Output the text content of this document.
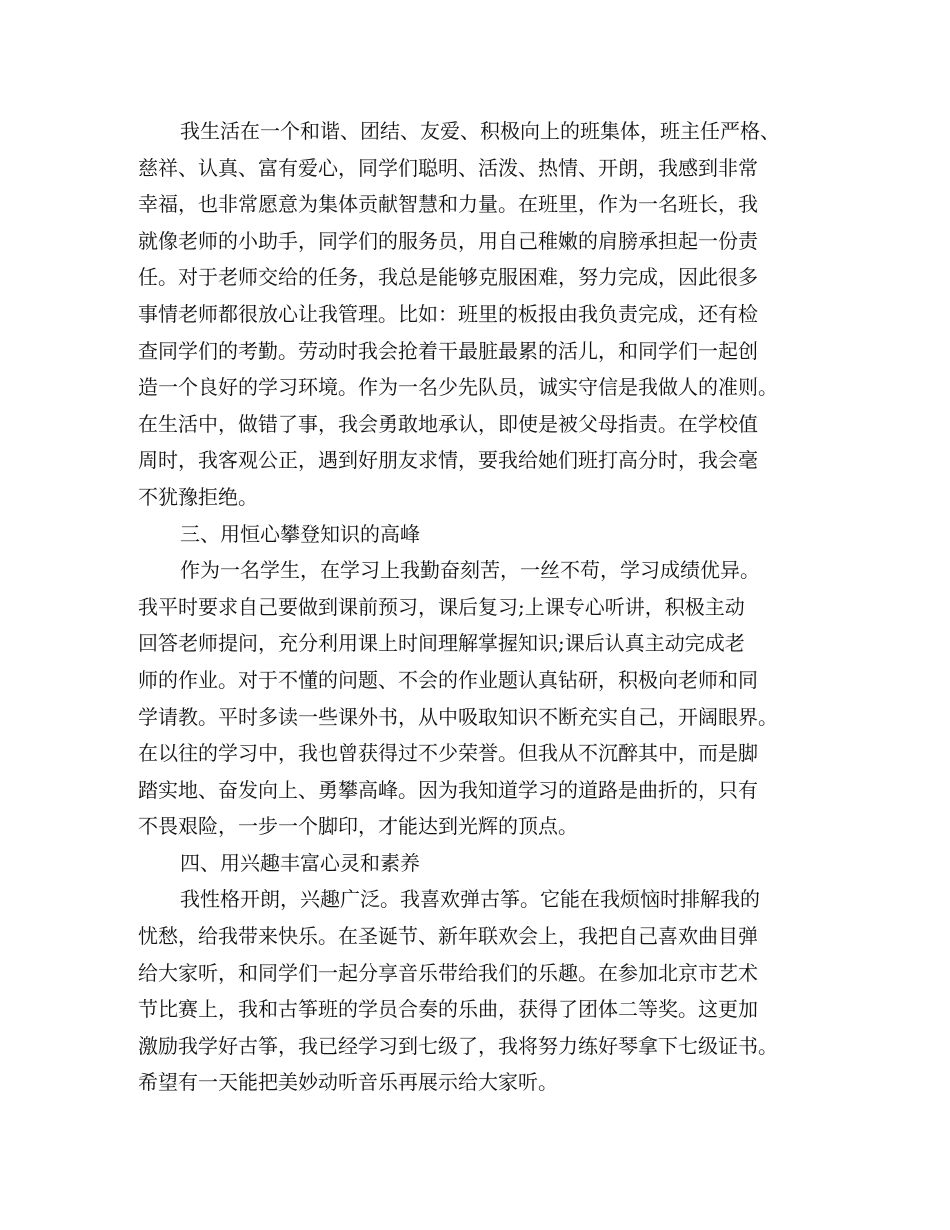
我生活在一个和谐、团结、友爱、积极向上的班集体，班主任严格、
慈祥、认真、富有爱心，同学们聪明、活泼、热情、开朗，我感到非常
幸福，也非常愿意为集体贡献智慧和力量。在班里，作为一名班长，我
就像老师的小助手，同学们的服务员，用自己稚嫩的肩膀承担起一份责
任。对于老师交给的任务，我总是能够克服困难，努力完成，因此很多
事情老师都很放心让我管理。比如：班里的板报由我负责完成，还有检
查同学们的考勤。劳动时我会抢着干最脏最累的活儿，和同学们一起创
造一个良好的学习环境。作为一名少先队员，诚实守信是我做人的准则。
在生活中，做错了事，我会勇敢地承认，即使是被父母指责。在学校值
周时，我客观公正，遇到好朋友求情，要我给她们班打高分时，我会毫
不犹豫拒绝。
三、用恒心攀登知识的高峰
作为一名学生，在学习上我勤奋刻苦，一丝不苟，学习成绩优异。
我平时要求自己要做到课前预习，课后复习;上课专心听讲，积极主动
回答老师提问，充分利用课上时间理解掌握知识;课后认真主动完成老
师的作业。对于不懂的问题、不会的作业题认真钻研，积极向老师和同
学请教。平时多读一些课外书，从中吸取知识不断充实自己，开阔眼界。
在以往的学习中，我也曾获得过不少荣誉。但我从不沉醉其中，而是脚
踏实地、奋发向上、勇攀高峰。因为我知道学习的道路是曲折的，只有
不畏艰险，一步一个脚印，才能达到光辉的顶点。
四、用兴趣丰富心灵和素养
我性格开朗，兴趣广泛。我喜欢弹古筝。它能在我烦恼时排解我的
忧愁，给我带来快乐。在圣诞节、新年联欢会上，我把自己喜欢曲目弹
给大家听，和同学们一起分享音乐带给我们的乐趣。在参加北京市艺术
节比赛上，我和古筝班的学员合奏的乐曲，获得了团体二等奖。这更加
激励我学好古筝，我已经学习到七级了，我将努力练好琴拿下七级证书。
希望有一天能把美妙动听音乐再展示给大家听。
